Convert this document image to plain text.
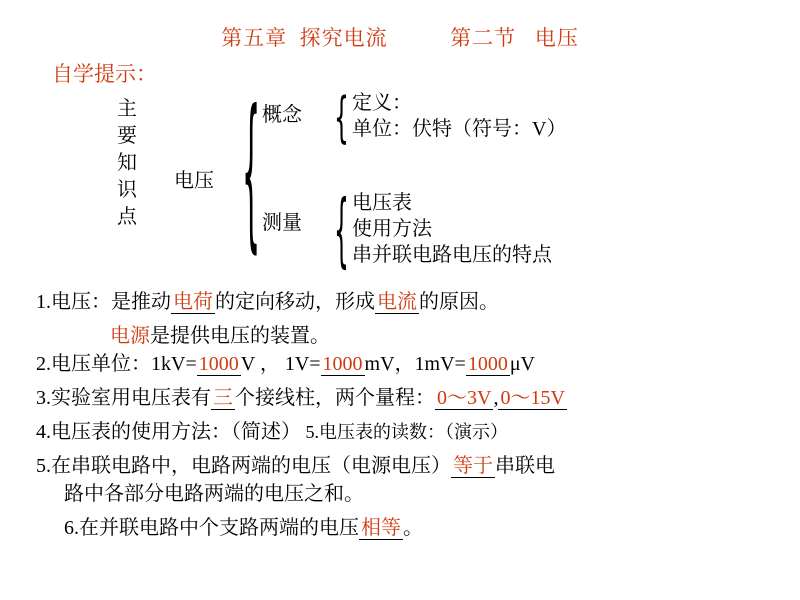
第五章  探究电流          第二节   电压
自学提示：
主
要
知
识
点
电压 {	{
{
概念
测量
定义：
单位：伏特（符号：V）
电压表
使用方法
串并联电路电压的特点
1.电压：是推动 电荷 的定向移动，形成 电流 的原因。
电源是提供电压的装置。
2.电压单位：1kV= 1000 V ， 1V= 1000 mV，1mV= 1000 μV
3.实验室用电压表有 三 个接线柱，两个量程： 0～3V , 0～15V
4.电压表的使用方法：（简述） 5.电压表的读数：（演示）
5.在串联电路中，电路两端的电压（电源电压） 等于 串联电
路中各部分电路两端的电压之和。
6.在并联电路中个支路两端的电压 相等 。
